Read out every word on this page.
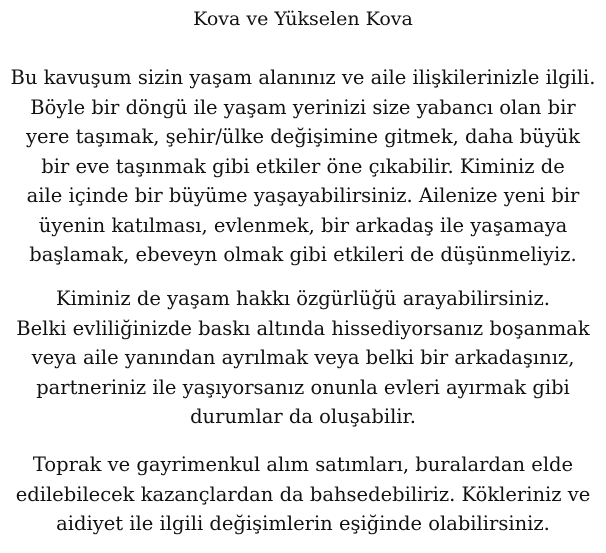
Kova ve Yükselen Kova
Bu kavuşum sizin yaşam alanınız ve aile ilişkilerinizle ilgili.
Böyle bir döngü ile yaşam yerinizi size yabancı olan bir
yere taşımak, şehir/ülke değişimine gitmek, daha büyük
bir eve taşınmak gibi etkiler öne çıkabilir. Kiminiz de
aile içinde bir büyüme yaşayabilirsiniz. Ailenize yeni bir
üyenin katılması, evlenmek, bir arkadaş ile yaşamaya
başlamak, ebeveyn olmak gibi etkileri de düşünmeliyiz.
Kiminiz de yaşam hakkı özgürlüğü arayabilirsiniz.
Belki evliliğinizde baskı altında hissediyorsanız boşanmak
veya aile yanından ayrılmak veya belki bir arkadaşınız,
partneriniz ile yaşıyorsanız onunla evleri ayırmak gibi
durumlar da oluşabilir.
Toprak ve gayrimenkul alım satımları, buralardan elde
edilebilecek kazançlardan da bahsedebiliriz. Kökleriniz ve
aidiyet ile ilgili değişimlerin eşiğinde olabilirsiniz.
